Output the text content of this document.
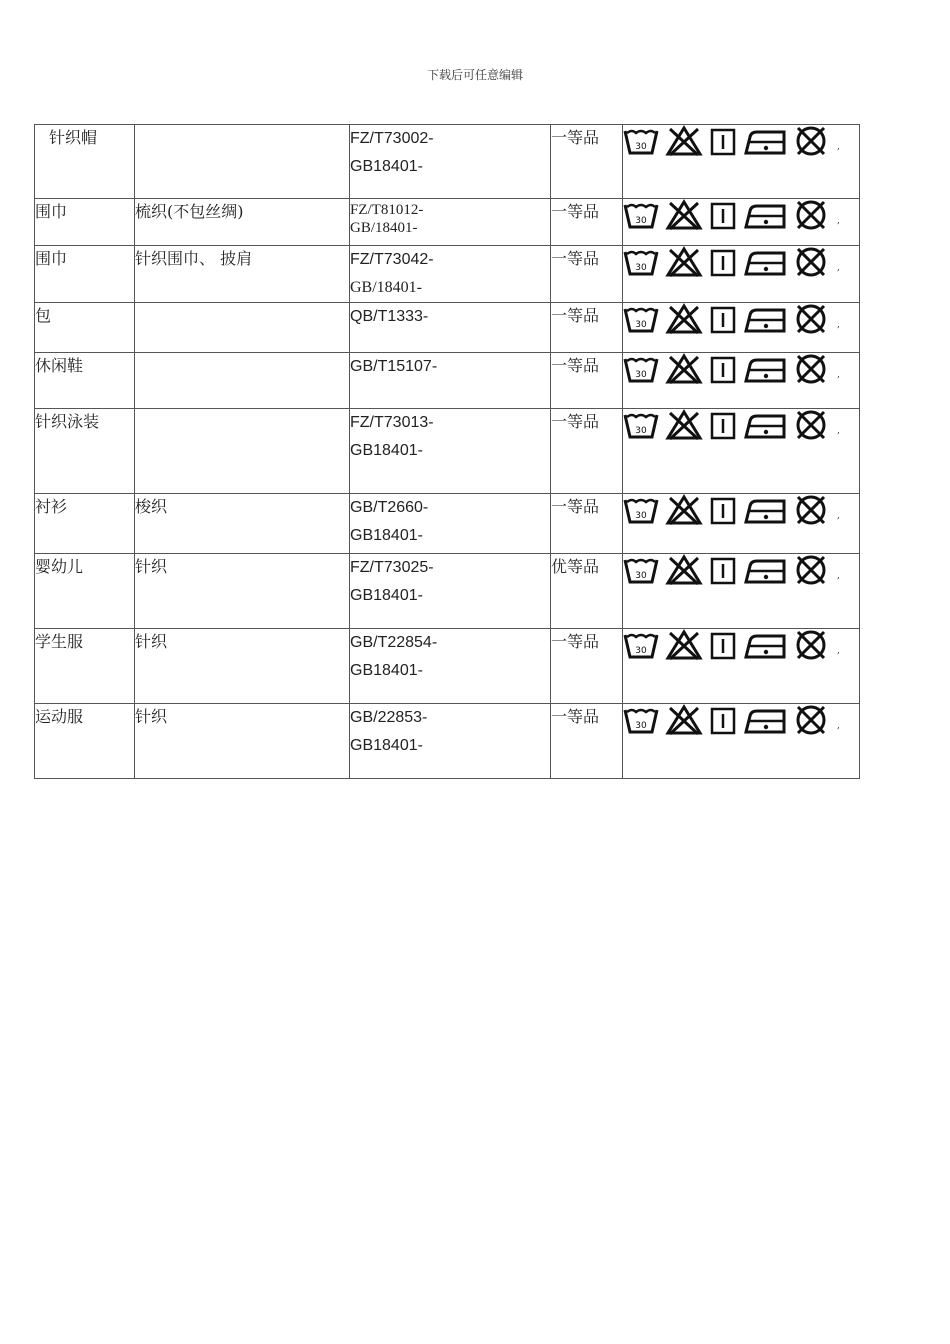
下载后可任意编辑
针织帽		FZ/T73002-
GB18401-	一等品	30 ,

围巾	梳织(不包丝绸)	FZ/T81012-
GB/18401-	一等品	30 ,

围巾	针织围巾、 披肩	FZ/T73042-
GB/18401-	一等品	30 ,

包		QB/T1333-	一等品	30 ,

休闲鞋		GB/T15107-	一等品	30 ,

针织泳装		FZ/T73013-
GB18401-	一等品	30 ,

衬衫	梭织	GB/T2660-
GB18401-	一等品	30 ,

婴幼儿	针织	FZ/T73025-
GB18401-	优等品	30 ,

学生服	针织	GB/T22854-
GB18401-	一等品	30 ,

运动服	针织	GB/22853-
GB18401-	一等品	30 ,
